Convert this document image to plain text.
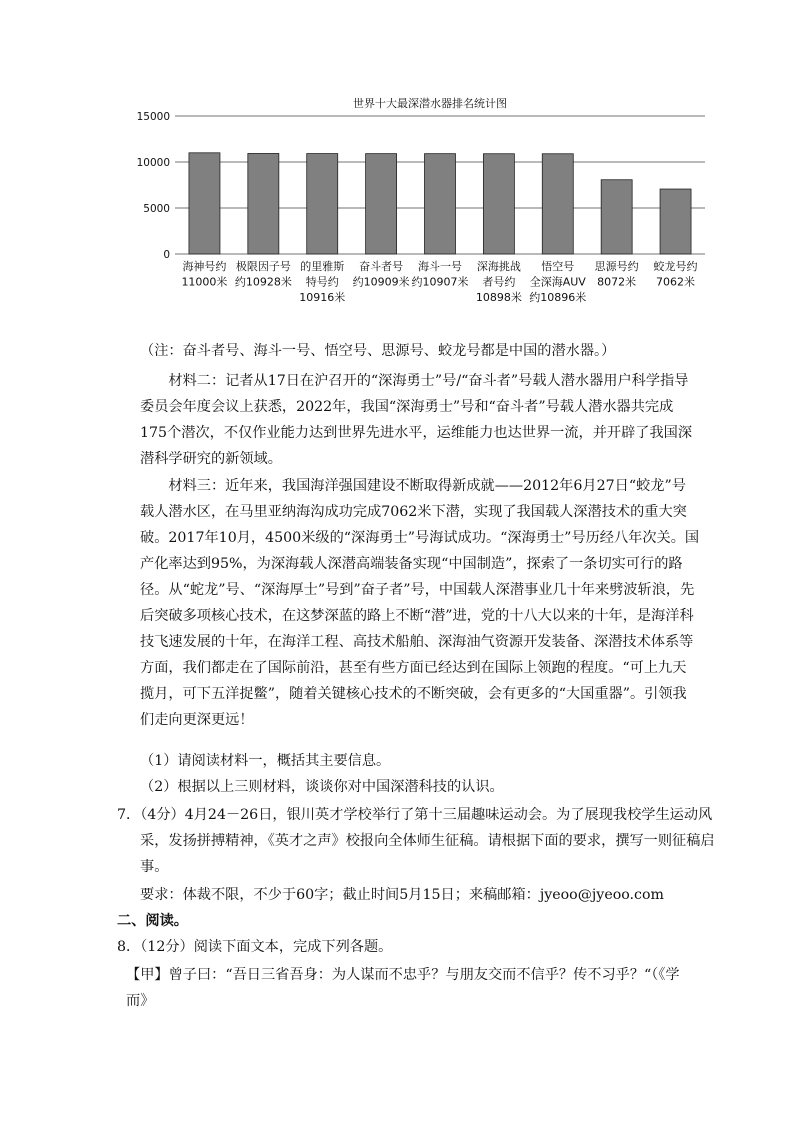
世界十大最深潜水器排名统计图
0
5000
10000
15000
海神号约
11000米
极限因子号
约10928米
的里雅斯
特号约
10916米
奋斗者号
约10909米
海斗一号
约10907米
深海挑战
者号约
10898米
悟空号
全深海AUV
约10896米
思源号约
8072米
蛟龙号约
7062米
（注：奋斗者号、海斗一号、悟空号、思源号、蛟龙号都是中国的潜水器。）
材料二：记者从17日在沪召开的“深海勇士”号/“奋斗者”号载人潜水器用户科学指导委员会年度会议上获悉，2022年，我国“深海勇士”号和“奋斗者”号载人潜水器共完成175个潜次，不仅作业能力达到世界先进水平，运维能力也达世界一流，并开辟了我国深潜科学研究的新领域。
材料三：近年来，我国海洋强国建设不断取得新成就——2012年6月27日“蛟龙”号载人潜水区，在马里亚纳海沟成功完成7062米下潜，实现了我国载人深潜技术的重大突破。2017年10月，4500米级的“深海勇士”号海试成功。“深海勇士”号历经八年次关。国产化率达到95%，为深海载人深潜高端装备实现“中国制造”，探索了一条切实可行的路径。从“蛇龙”号、“深海厚士”号到”奋子者”号，中国载人深潜事业几十年来劈波斩浪，先后突破多项核心技术，在这梦深蓝的路上不断“潜”进，党的十八大以来的十年，是海洋科技飞速发展的十年，在海洋工程、高技术船舶、深海油气资源开发装备、深潜技术体系等方面，我们都走在了国际前沿，甚至有些方面已经达到在国际上领跑的程度。“可上九天揽月，可下五洋捉鳖”，随着关键核心技术的不断突破，会有更多的“大国重器”。引领我们走向更深更远！
（1）请阅读材料一，概括其主要信息。
（2）根据以上三则材料，谈谈你对中国深潜科技的认识。
7．（4分）4月24－26日，银川英才学校举行了第十三届趣味运动会。为了展现我校学生运动风采，发扬拼搏精神，《英才之声》校报向全体师生征稿。请根据下面的要求，撰写一则征稿启事。
要求：体裁不限，不少于60字；截止时间5月15日；来稿邮箱：jyeoo@jyeoo.com
二、阅读。
8．（12分）阅读下面文本，完成下列各题。
【甲】曾子曰：“吾日三省吾身：为人谋而不忠乎？与朋友交而不信乎？传不习乎？“（《学而》
